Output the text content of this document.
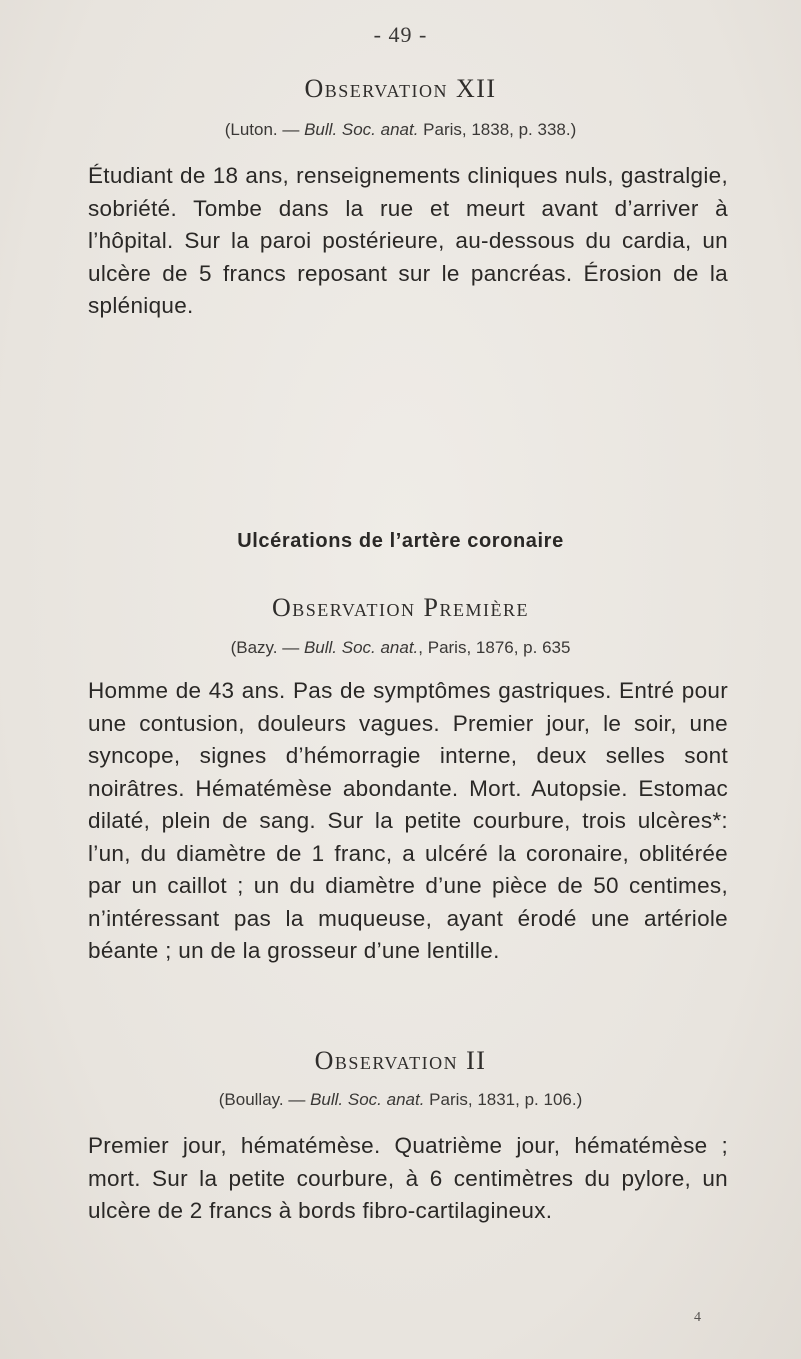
- 49 -
Observation XII
(Luton. — Bull. Soc. anat. Paris, 1838, p. 338.)
Étudiant de 18 ans, renseignements cliniques nuls, gastralgie, sobriété. Tombe dans la rue et meurt avant d’arriver à l’hôpital. Sur la paroi postérieure, au-dessous du cardia, un ulcère de 5 francs reposant sur le pancréas. Érosion de la splénique.
Ulcérations de l’artère coronaire
Observation Première
(Bazy. — Bull. Soc. anat., Paris, 1876, p. 635
Homme de 43 ans. Pas de symptômes gastriques. Entré pour une contusion, douleurs vagues. Premier jour, le soir, une syncope, signes d’hémorragie interne, deux selles sont noirâtres. Hématémèse abondante. Mort. Autopsie. Estomac dilaté, plein de sang. Sur la petite courbure, trois ulcères*: l’un, du diamètre de 1 franc, a ulcéré la coronaire, oblitérée par un caillot ; un du diamètre d’une pièce de 50 centimes, n’intéressant pas la muqueuse, ayant érodé une artériole béante ; un de la grosseur d’une lentille.
Observation II
(Boullay. — Bull. Soc. anat. Paris, 1831, p. 106.)
Premier jour, hématémèse. Quatrième jour, hématémèse ; mort. Sur la petite courbure, à 6 centimètres du pylore, un ulcère de 2 francs à bords fibro-cartilagineux.
4
